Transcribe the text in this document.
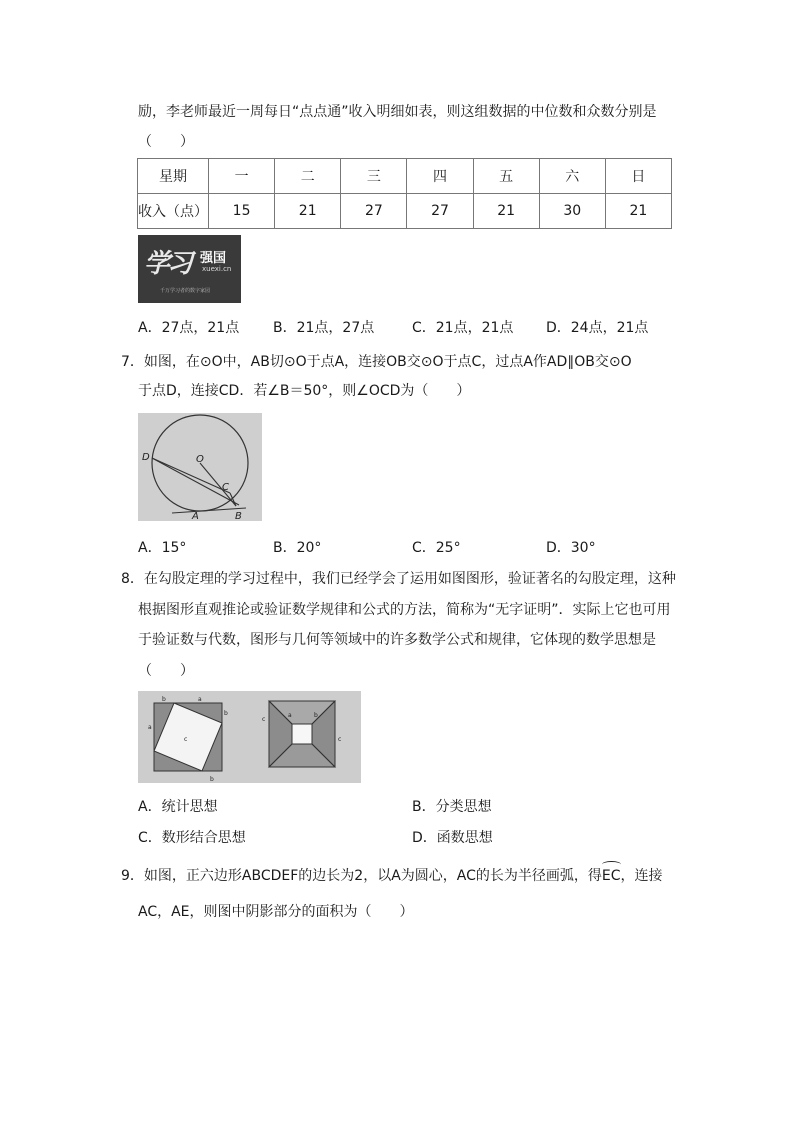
励，李老师最近一周每日“点点通”收入明细如表，则这组数据的中位数和众数分别是
（　　）
星期	一	二	三	四	五	六	日
收入（点）	15	21	27	27	21	30	21
学习 强国
xuexi.cn
千万学习者的数字家园
A．27点，21点 B．21点，27点	C．21点，21点 D．24点，21点
7．如图，在⊙O中，AB切⊙O于点A，连接OB交⊙O于点C，过点A作AD∥OB交⊙O
于点D，连接CD．若∠B＝50°，则∠OCD为（　　）
D	O
C
A	B
A．15°	B．20°	C．25°	D．30°
8．在勾股定理的学习过程中，我们已经学会了运用如图图形，验证著名的勾股定理，这种
根据图形直观推论或验证数学规律和公式的方法，简称为“无字证明”．实际上它也可用
于验证数与代数，图形与几何等领域中的许多数学公式和规律，它体现的数学思想是
（　　）
b	a
a
b
c
b
c
a	b
c
A．统计思想	B．分类思想
C．数形结合思想	D．函数思想
9．如图，正六边形ABCDEF的边长为2，以A为圆心，AC的长为半径画弧，得EC，连接
AC，AE，则图中阴影部分的面积为（　　）
